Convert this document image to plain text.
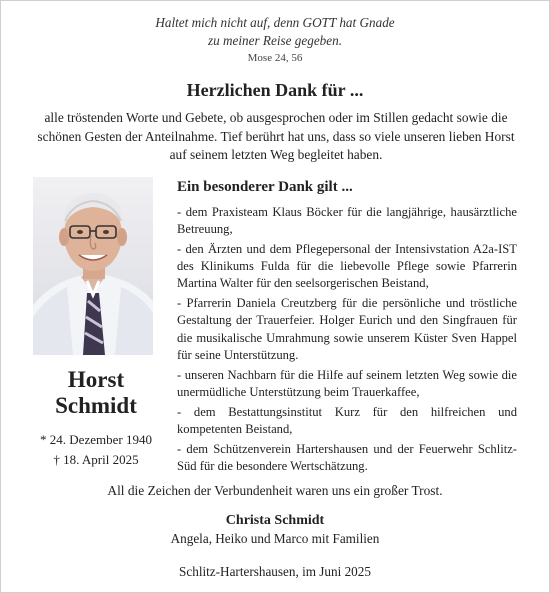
Haltet mich nicht auf, denn GOTT hat Gnade
zu meiner Reise gegeben.
Mose 24, 56
Herzlichen Dank für ...
alle tröstenden Worte und Gebete, ob ausgesprochen oder im Stillen gedacht sowie die schönen Gesten der Anteilnahme. Tief berührt hat uns, dass so viele unseren lieben Horst auf seinem letzten Weg begleitet haben.
Horst
Schmidt
* 24. Dezember 1940
† 18. April 2025
Ein besonderer Dank gilt ...

- dem Praxisteam Klaus Böcker für die langjährige, hausärztliche Betreuung,

- den Ärzten und dem Pflegepersonal der Intensivstation A2a-IST des Klinikums Fulda für die liebevolle Pflege sowie Pfarrerin Martina Walter für den seelsorgerischen Beistand,

- Pfarrerin Daniela Creutzberg für die persönliche und tröstliche Gestaltung der Trauerfeier. Holger Eurich und den Singfrauen für die musikalische Umrahmung sowie unserem Küster Sven Happel für seine Unterstützung.

- unseren Nachbarn für die Hilfe auf seinem letzten Weg sowie die unermüdliche Unterstützung beim Trauerkaffee,

- dem Bestattungsinstitut Kurz für den hilfreichen und kompetenten Beistand,

- dem Schützenverein Hartershausen und der Feuerwehr Schlitz-Süd für die besondere Wertschätzung.

All die Zeichen der Verbundenheit waren uns ein großer Trost.
Christa Schmidt
Angela, Heiko und Marco mit Familien
Schlitz-Hartershausen, im Juni 2025
